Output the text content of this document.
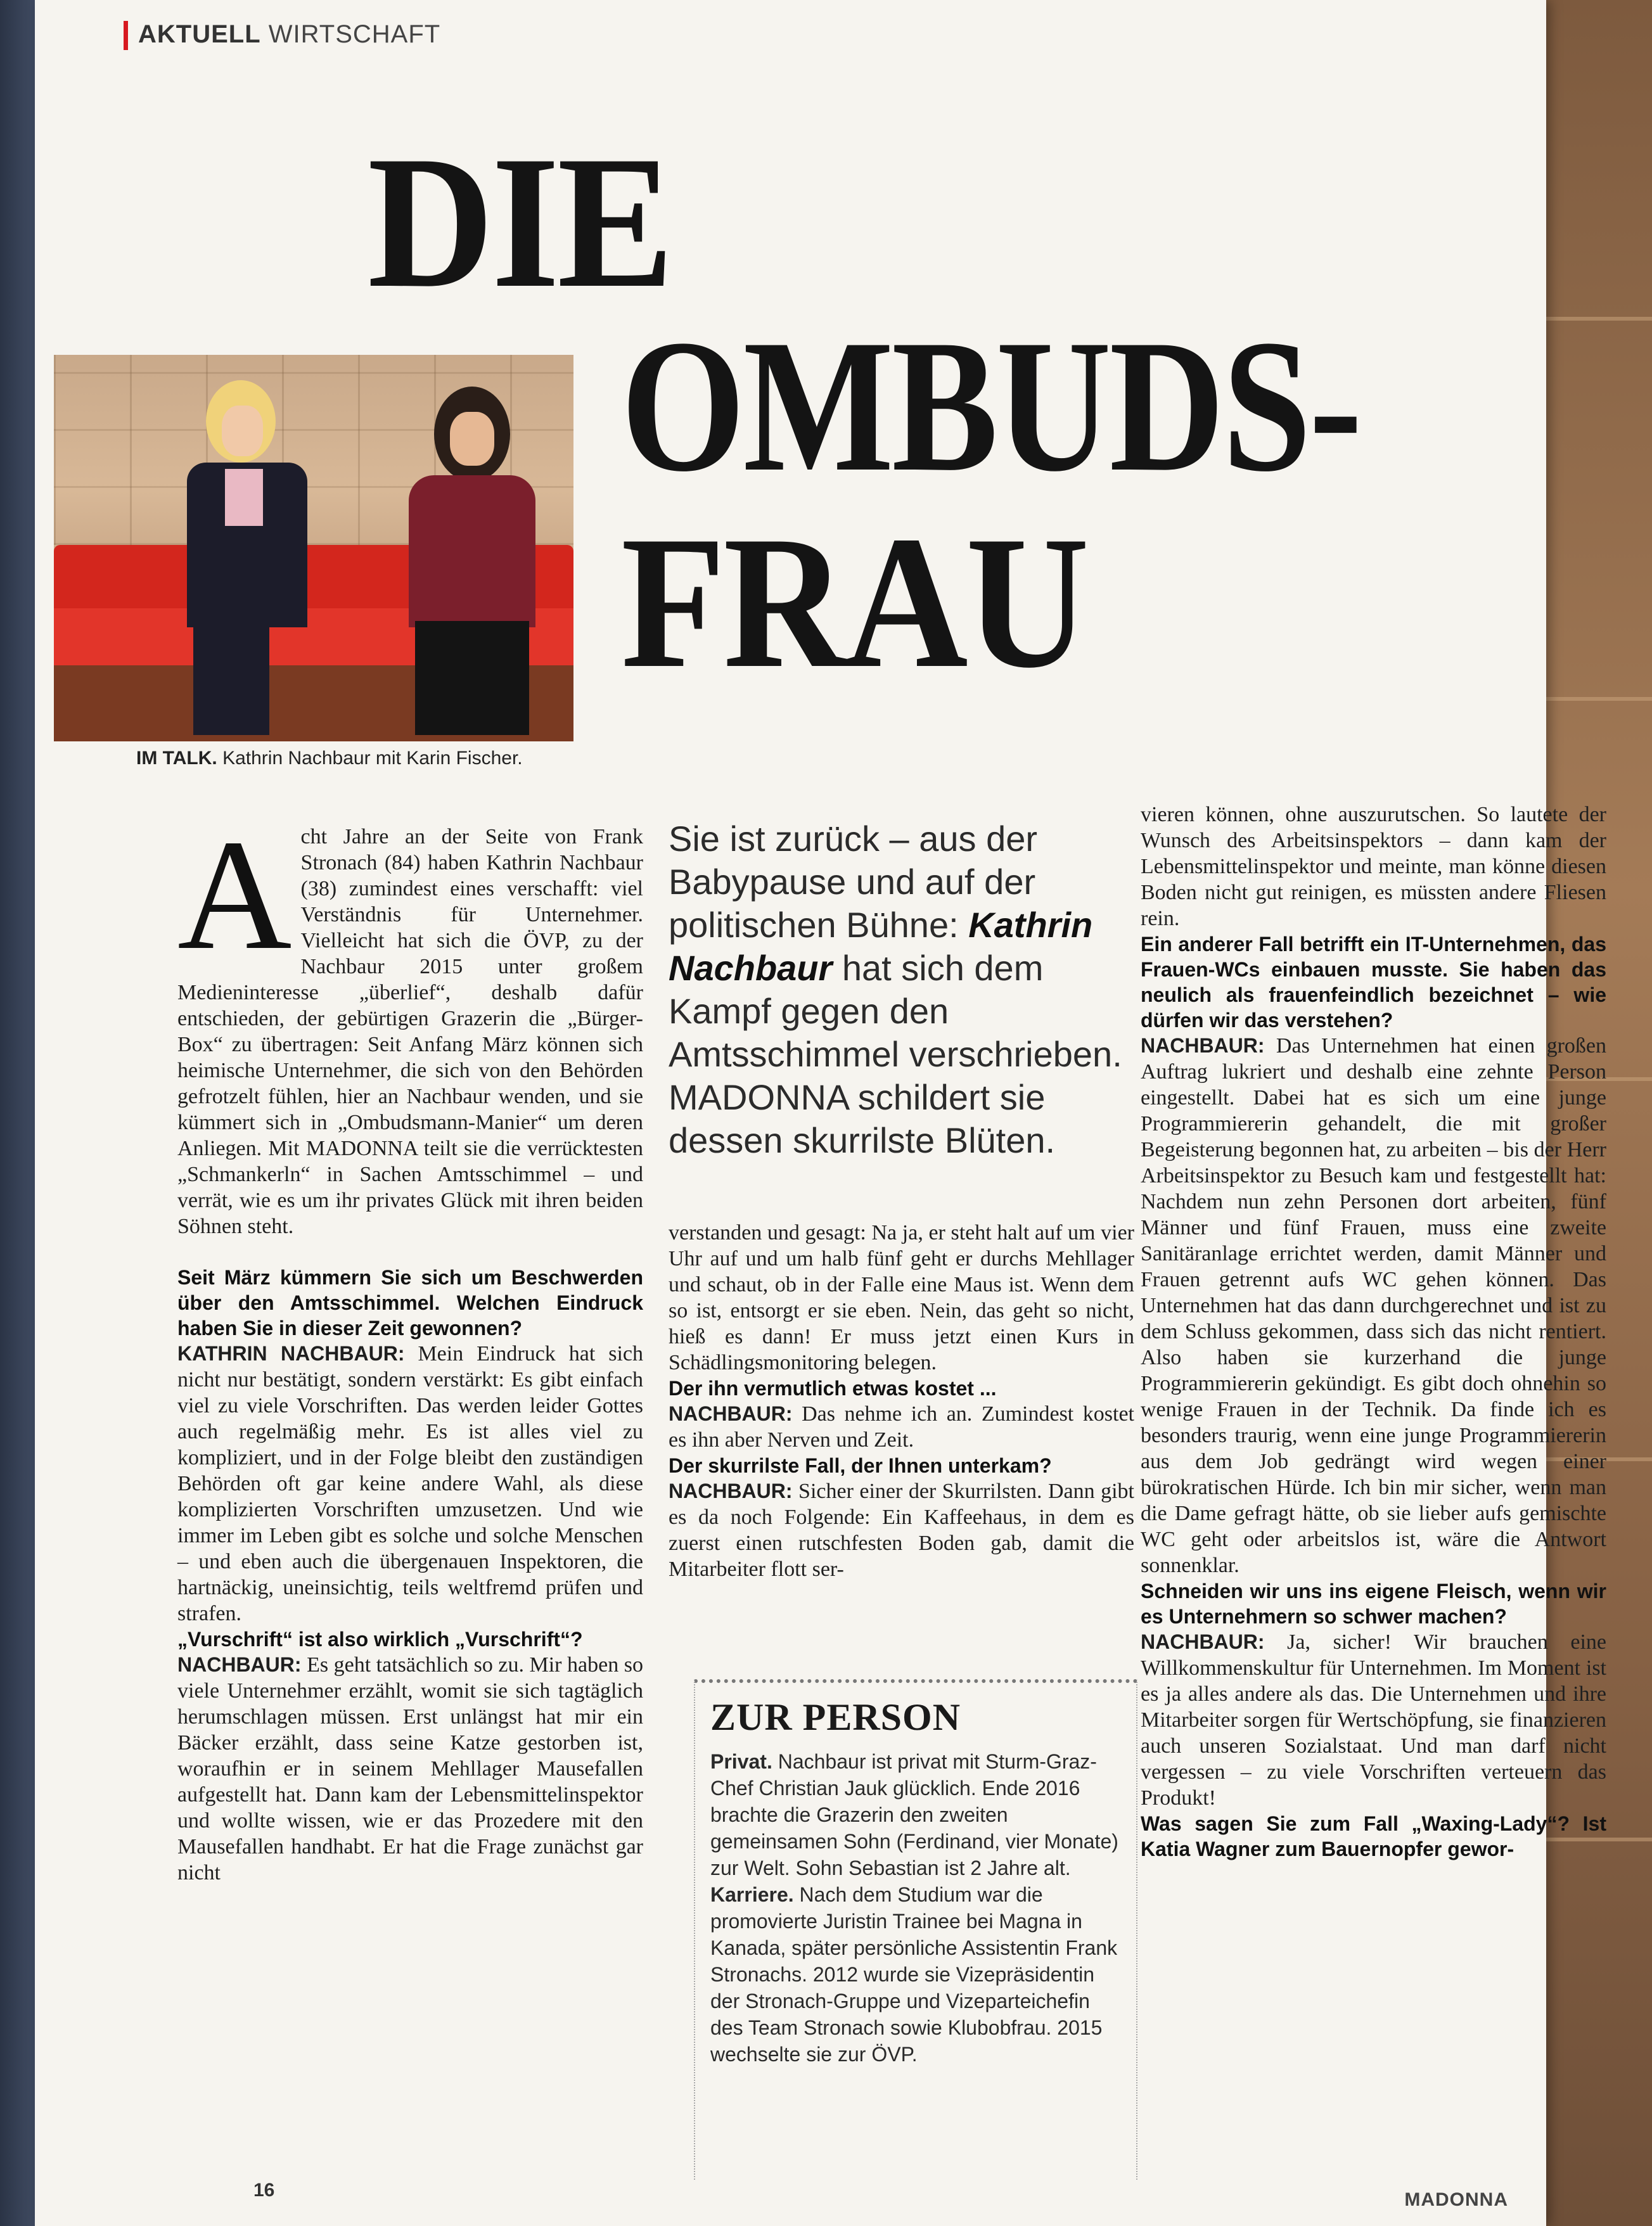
AKTUELL WIRTSCHAFT
DIE
OMBUDS-
FRAU
IM TALK. Kathrin Nachbaur mit Karin Fischer.
Sie ist zurück – aus der Babypause und auf der politischen Bühne: Kathrin Nachbaur hat sich dem Kampf gegen den Amtsschimmel verschrieben. MADONNA schildert sie dessen skurrilste Blüten.

Acht Jahre an der Seite von Frank Stronach (84) haben Kathrin Nachbaur (38) zumindest eines verschafft: viel Verständnis für Unternehmer. Vielleicht hat sich die ÖVP, zu der Nachbaur 2015 unter großem Medieninteresse „überlief“, deshalb dafür entschieden, der gebürtigen Grazerin die „Bürger-Box“ zu übertragen: Seit Anfang März können sich heimische Unternehmer, die sich von den Behörden gefrotzelt fühlen, hier an Nachbaur wenden, und sie kümmert sich in „Ombudsmann-Manier“ um deren Anliegen. Mit MADONNA teilt sie die verrücktesten „Schmankerln“ in Sachen Amtsschimmel – und verrät, wie es um ihr privates Glück mit ihren beiden Söhnen steht.

Seit März kümmern Sie sich um Beschwerden über den Amtsschimmel. Welchen Eindruck haben Sie in dieser Zeit gewonnen?

KATHRIN NACHBAUR: Mein Eindruck hat sich nicht nur bestätigt, sondern verstärkt: Es gibt einfach viel zu viele Vorschriften. Das werden leider Gottes auch regelmäßig mehr. Es ist alles viel zu kompliziert, und in der Folge bleibt den zuständigen Behörden oft gar keine andere Wahl, als diese komplizierten Vorschriften umzusetzen. Und wie immer im Leben gibt es solche und solche Menschen – und eben auch die übergenauen Inspektoren, die hartnäckig, uneinsichtig, teils weltfremd prüfen und strafen.

„Vurschrift“ ist also wirklich „Vurschrift“?

NACHBAUR: Es geht tatsächlich so zu. Mir haben so viele Unternehmer erzählt, womit sie sich tagtäglich herumschlagen müssen. Erst unlängst hat mir ein Bäcker erzählt, dass seine Katze gestorben ist, woraufhin er in seinem Mehllager Mausefallen aufgestellt hat. Dann kam der Lebensmittelinspektor und wollte wissen, wie er das Prozedere mit den Mausefallen handhabt. Er hat die Frage zunächst gar nicht

verstanden und gesagt: Na ja, er steht halt auf um vier Uhr auf und um halb fünf geht er durchs Mehllager und schaut, ob in der Falle eine Maus ist. Wenn dem so ist, entsorgt er sie eben. Nein, das geht so nicht, hieß es dann! Er muss jetzt einen Kurs in Schädlingsmonitoring belegen.

Der ihn vermutlich etwas kostet ...

NACHBAUR: Das nehme ich an. Zumindest kostet es ihn aber Nerven und Zeit.

Der skurrilste Fall, der Ihnen unterkam?

NACHBAUR: Sicher einer der Skurrilsten. Dann gibt es da noch Folgende: Ein Kaffeehaus, in dem es zuerst einen rutschfesten Boden gab, damit die Mitarbeiter flott ser-

ZUR PERSON

Privat. Nachbaur ist privat mit Sturm-Graz-Chef Christian Jauk glücklich. Ende 2016 brachte die Grazerin den zweiten gemeinsamen Sohn (Ferdinand, vier Monate) zur Welt. Sohn Sebastian ist 2 Jahre alt.

Karriere. Nach dem Studium war die promovierte Juristin Trainee bei Magna in Kanada, später persönliche Assistentin Frank Stronachs. 2012 wurde sie Vizepräsidentin der Stronach-Gruppe und Vizeparteichefin des Team Stronach sowie Klubobfrau. 2015 wechselte sie zur ÖVP.

vieren können, ohne auszurutschen. So lautete der Wunsch des Arbeitsinspektors – dann kam der Lebensmittelinspektor und meinte, man könne diesen Boden nicht gut reinigen, es müssten andere Fliesen rein.

Ein anderer Fall betrifft ein IT-Unternehmen, das Frauen-WCs einbauen musste. Sie haben das neulich als frauenfeindlich bezeichnet – wie dürfen wir das verstehen?

NACHBAUR: Das Unternehmen hat einen großen Auftrag lukriert und deshalb eine zehnte Person eingestellt. Dabei hat es sich um eine junge Programmiererin gehandelt, die mit großer Begeisterung begonnen hat, zu arbeiten – bis der Herr Arbeitsinspektor zu Besuch kam und festgestellt hat: Nachdem nun zehn Personen dort arbeiten, fünf Männer und fünf Frauen, muss eine zweite Sanitäranlage errichtet werden, damit Männer und Frauen getrennt aufs WC gehen können. Das Unternehmen hat das dann durchgerechnet und ist zu dem Schluss gekommen, dass sich das nicht rentiert. Also haben sie kurzerhand die junge Programmiererin gekündigt. Es gibt doch ohnehin so wenige Frauen in der Technik. Da finde ich es besonders traurig, wenn eine junge Programmiererin aus dem Job gedrängt wird wegen einer bürokratischen Hürde. Ich bin mir sicher, wenn man die Dame gefragt hätte, ob sie lieber aufs gemischte WC geht oder arbeitslos ist, wäre die Antwort sonnenklar.

Schneiden wir uns ins eigene Fleisch, wenn wir es Unternehmern so schwer machen?

NACHBAUR: Ja, sicher! Wir brauchen eine Willkommenskultur für Unternehmen. Im Moment ist es ja alles andere als das. Die Unternehmen und ihre Mitarbeiter sorgen für Wertschöpfung, sie finanzieren auch unseren Sozialstaat. Und man darf nicht vergessen – zu viele Vorschriften verteuern das Produkt!

Was sagen Sie zum Fall „Waxing-Lady“? Ist Katia Wagner zum Bauernopfer gewor-

16	MADONNA
